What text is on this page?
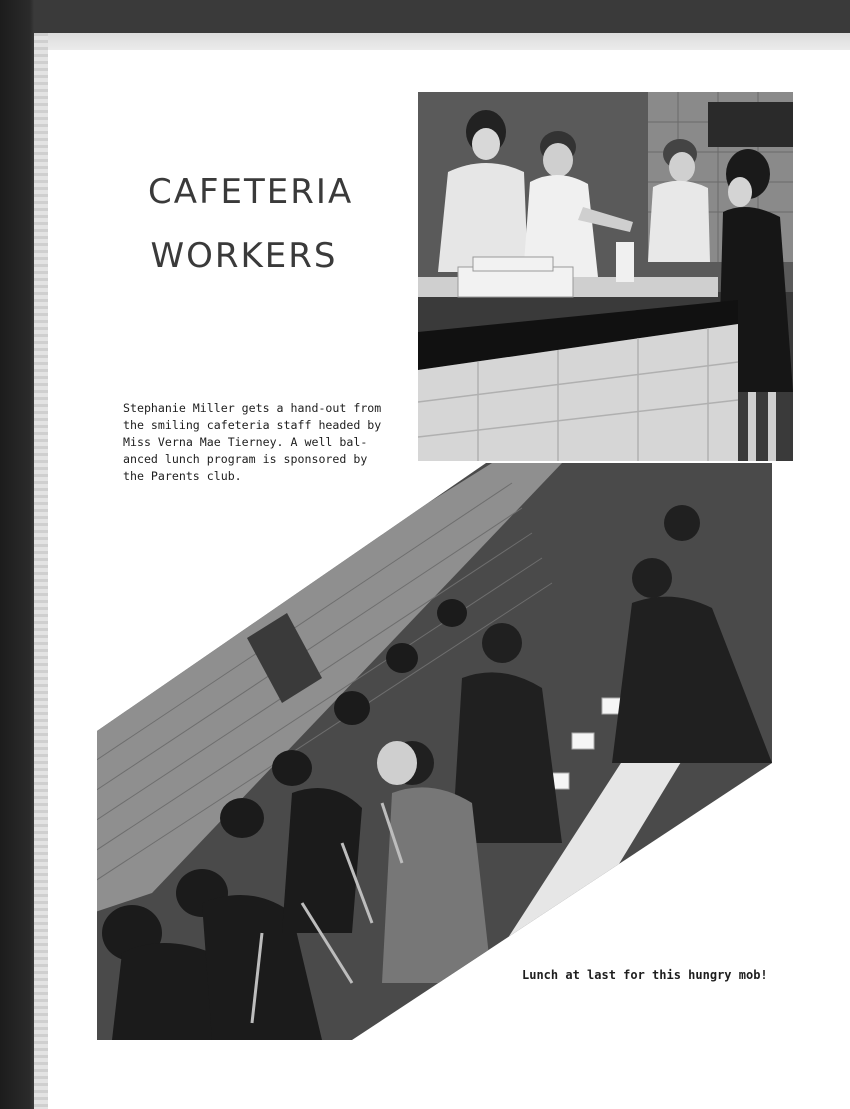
CAFETERIA
WORKERS
Stephanie Miller gets a hand-out from
the smiling cafeteria staff headed by
Miss Verna Mae Tierney. A well bal-
anced lunch program is sponsored by
the Parents club.
Lunch at last for this hungry mob!
